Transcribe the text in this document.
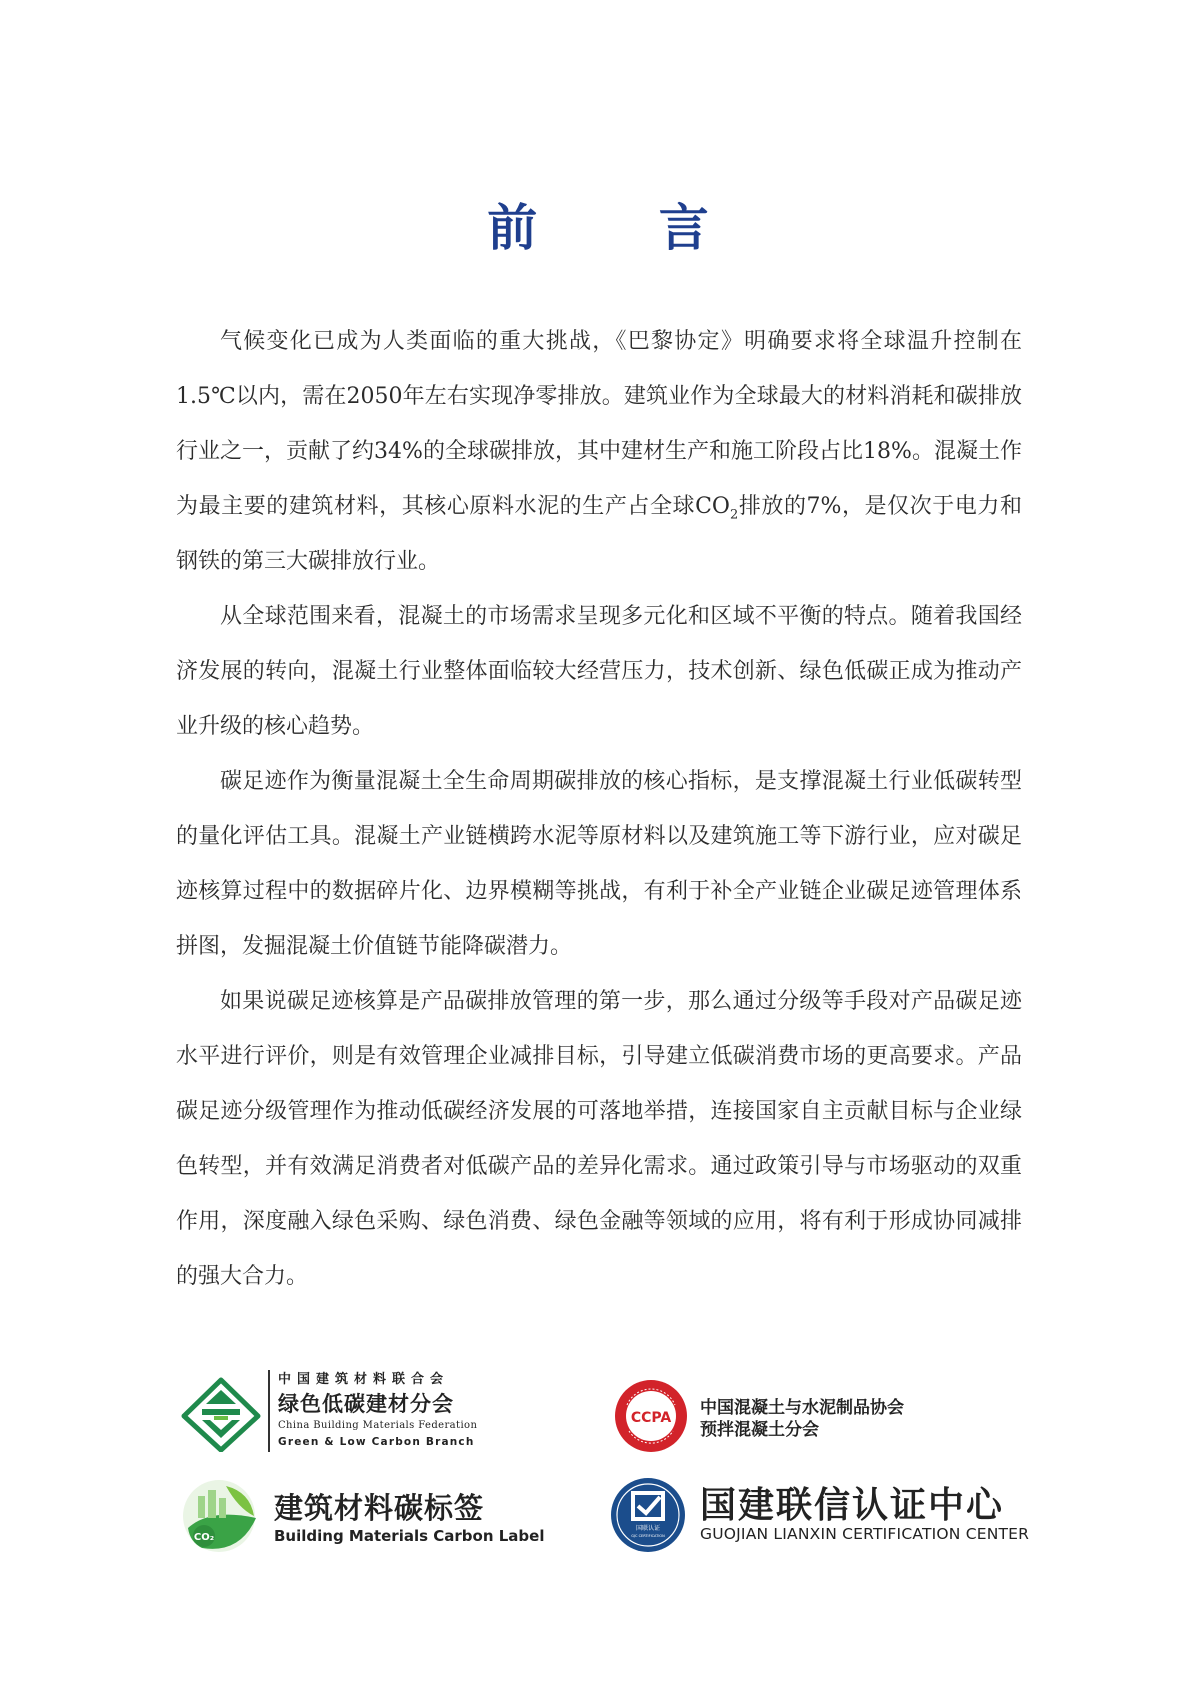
前 言

气候变化已成为人类面临的重大挑战，《巴黎协定》明确要求将全球温升控制在1.5℃以内，需在2050年左右实现净零排放。建筑业作为全球最大的材料消耗和碳排放行业之一，贡献了约34%的全球碳排放，其中建材生产和施工阶段占比18%。混凝土作为最主要的建筑材料，其核心原料水泥的生产占全球$CO_2$排放的7%，是仅次于电力和钢铁的第三大碳排放行业。

从全球范围来看，混凝土的市场需求呈现多元化和区域不平衡的特点。随着我国经济发展的转向，混凝土行业整体面临较大经营压力，技术创新、绿色低碳正成为推动产业升级的核心趋势。

碳足迹作为衡量混凝土全生命周期碳排放的核心指标，是支撑混凝土行业低碳转型的量化评估工具。混凝土产业链横跨水泥等原材料以及建筑施工等下游行业，应对碳足迹核算过程中的数据碎片化、边界模糊等挑战，有利于补全产业链企业碳足迹管理体系拼图，发掘混凝土价值链节能降碳潜力。

如果说碳足迹核算是产品碳排放管理的第一步，那么通过分级等手段对产品碳足迹水平进行评价，则是有效管理企业减排目标，引导建立低碳消费市场的更高要求。产品碳足迹分级管理作为推动低碳经济发展的可落地举措，连接国家自主贡献目标与企业绿色转型，并有效满足消费者对低碳产品的差异化需求。通过政策引导与市场驱动的双重作用，深度融入绿色采购、绿色消费、绿色金融等领域的应用，将有利于形成协同减排的强大合力。

中国建筑材料联合会
绿色低碳建材分会
China Building Materials Federation
Green & Low Carbon Branch
CCPA 中国混凝土与水泥制品协会
预拌混凝土分会
CO₂
建筑材料碳标签
Building Materials Carbon Label	国联认证
GJC CERTIFICATION
国建联信认证中心
GUOJIAN LIANXIN CERTIFICATION CENTER
